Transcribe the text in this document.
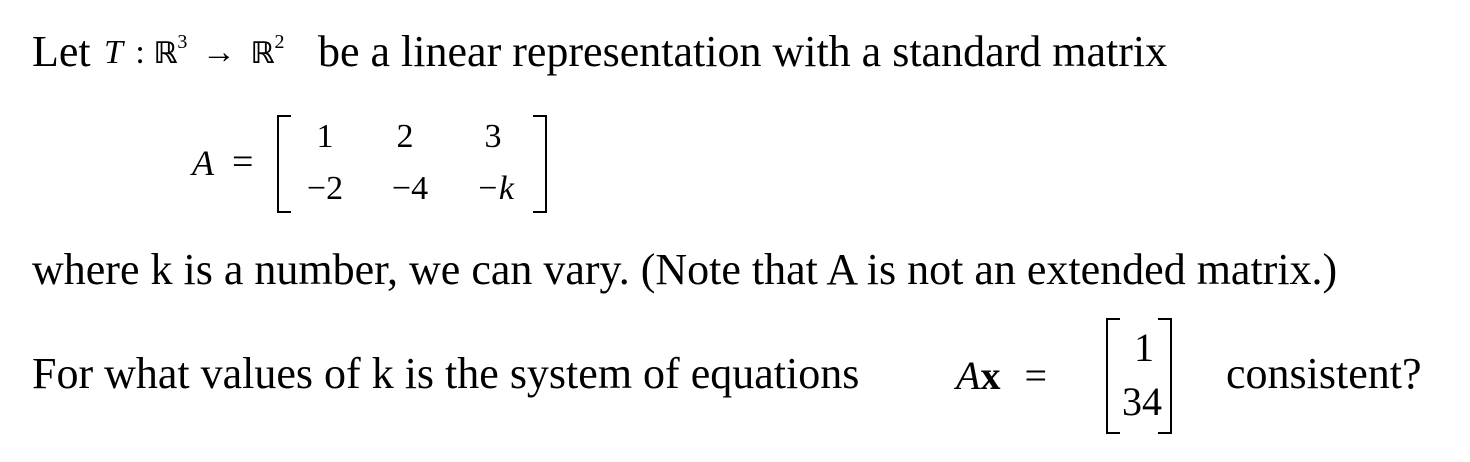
Let T : ℝ$^3$ → ℝ$^2$ be a linear representation with a standard matrix
A =
1	2	3
−2	−4	−k
where k is a number, we can vary. (Note that A is not an extended matrix.)
For what values of k is the system of equations Ax =
1
34
consistent?
